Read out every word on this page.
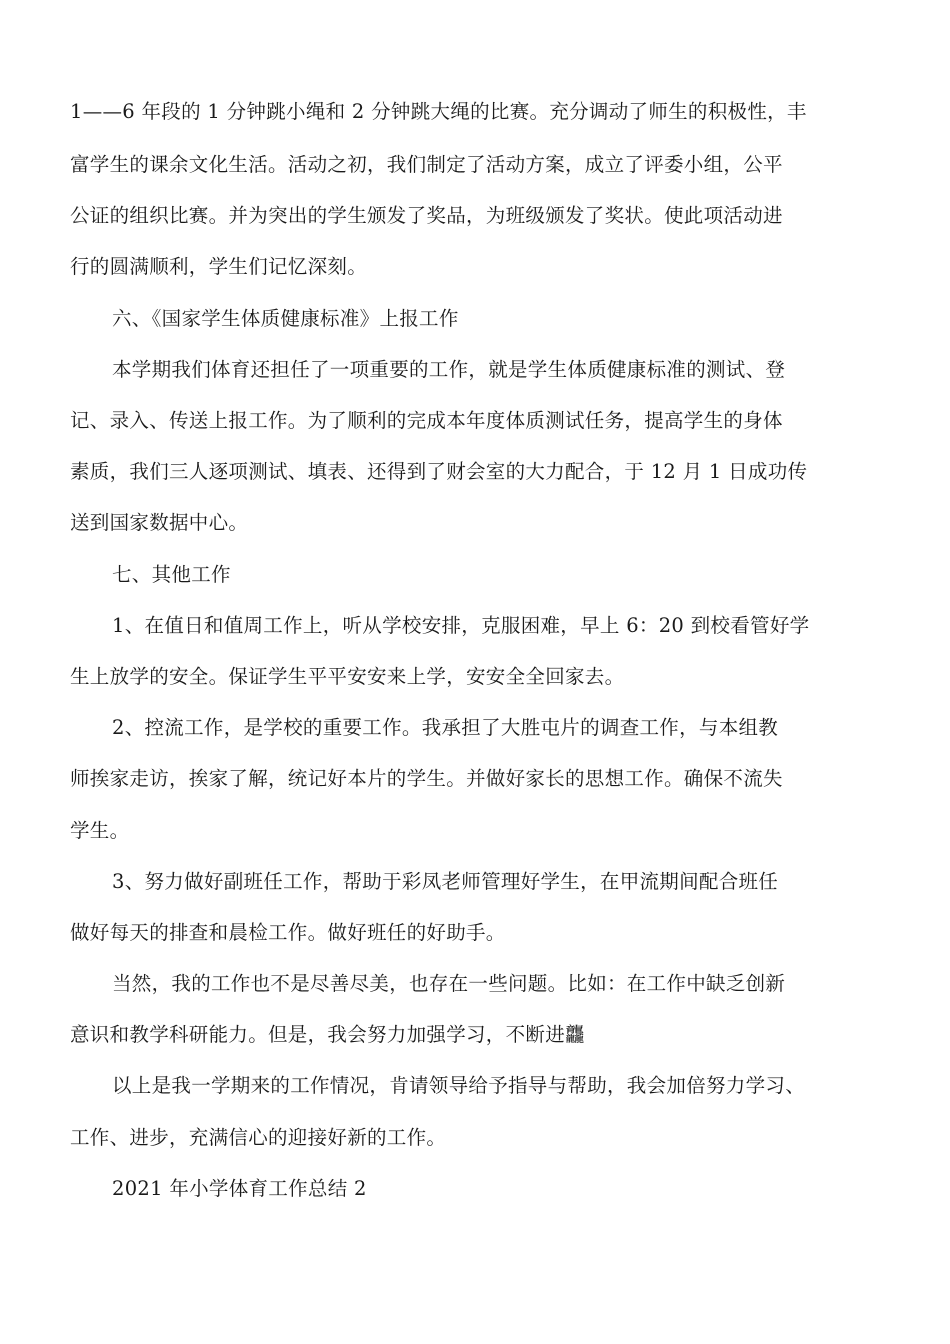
1——6 年段的 1 分钟跳小绳和 2 分钟跳大绳的比赛。充分调动了师生的积极性，丰
富学生的课余文化生活。活动之初，我们制定了活动方案，成立了评委小组，公平
公证的组织比赛。并为突出的学生颁发了奖品，为班级颁发了奖状。使此项活动进
行的圆满顺利，学生们记忆深刻。
六、《国家学生体质健康标准》上报工作
本学期我们体育还担任了一项重要的工作，就是学生体质健康标准的测试、登
记、录入、传送上报工作。为了顺利的完成本年度体质测试任务，提高学生的身体
素质，我们三人逐项测试、填表、还得到了财会室的大力配合，于 12 月 1 日成功传
送到国家数据中心。
七、其他工作
1、在值日和值周工作上，听从学校安排，克服困难，早上 6：20 到校看管好学
生上放学的安全。保证学生平平安安来上学，安安全全回家去。
2、控流工作，是学校的重要工作。我承担了大胜屯片的调查工作，与本组教
师挨家走访，挨家了解，统记好本片的学生。并做好家长的思想工作。确保不流失
学生。
3、努力做好副班任工作，帮助于彩凤老师管理好学生，在甲流期间配合班任
做好每天的排查和晨检工作。做好班任的好助手。
当然，我的工作也不是尽善尽美，也存在一些问题。比如：在工作中缺乏创新
意识和教学科研能力。但是，我会努力加强学习，不断进龘
以上是我一学期来的工作情况，肯请领导给予指导与帮助，我会加倍努力学习、
工作、进步，充满信心的迎接好新的工作。
2021 年小学体育工作总结 2
